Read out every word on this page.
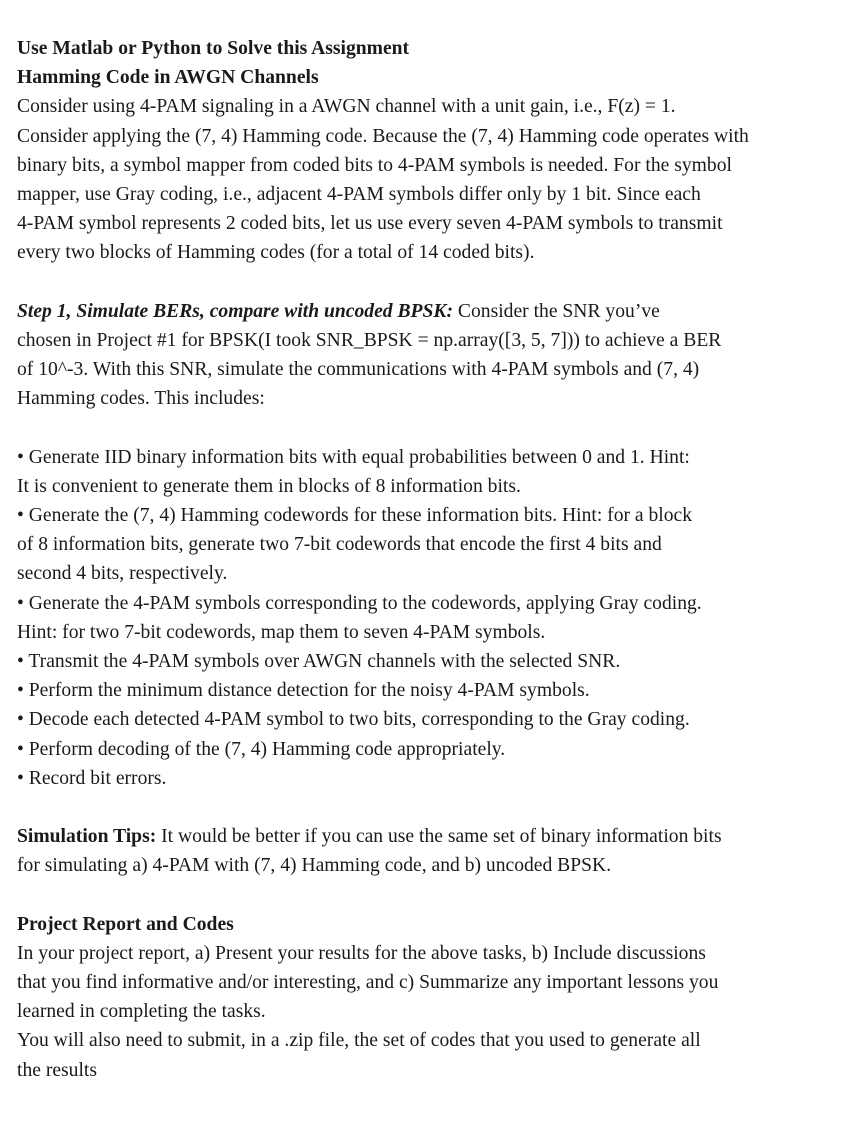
Use Matlab or Python to Solve this Assignment
Hamming Code in AWGN Channels
Consider using 4-PAM signaling in a AWGN channel with a unit gain, i.e., F(z) = 1.
Consider applying the (7, 4) Hamming code. Because the (7, 4) Hamming code operates with
binary bits, a symbol mapper from coded bits to 4-PAM symbols is needed. For the symbol
mapper, use Gray coding, i.e., adjacent 4-PAM symbols differ only by 1 bit. Since each
4-PAM symbol represents 2 coded bits, let us use every seven 4-PAM symbols to transmit
every two blocks of Hamming codes (for a total of 14 coded bits).
Step 1, Simulate BERs, compare with uncoded BPSK: Consider the SNR you’ve
chosen in Project #1 for BPSK(I took SNR_BPSK = np.array([3, 5, 7])) to achieve a BER
of 10^-3. With this SNR, simulate the communications with 4-PAM symbols and (7, 4)
Hamming codes. This includes:
• Generate IID binary information bits with equal probabilities between 0 and 1. Hint:
It is convenient to generate them in blocks of 8 information bits.
• Generate the (7, 4) Hamming codewords for these information bits. Hint: for a block
of 8 information bits, generate two 7-bit codewords that encode the first 4 bits and
second 4 bits, respectively.
• Generate the 4-PAM symbols corresponding to the codewords, applying Gray coding.
Hint: for two 7-bit codewords, map them to seven 4-PAM symbols.
• Transmit the 4-PAM symbols over AWGN channels with the selected SNR.
• Perform the minimum distance detection for the noisy 4-PAM symbols.
• Decode each detected 4-PAM symbol to two bits, corresponding to the Gray coding.
• Perform decoding of the (7, 4) Hamming code appropriately.
• Record bit errors.
Simulation Tips: It would be better if you can use the same set of binary information bits
for simulating a) 4-PAM with (7, 4) Hamming code, and b) uncoded BPSK.
Project Report and Codes
In your project report, a) Present your results for the above tasks, b) Include discussions
that you find informative and/or interesting, and c) Summarize any important lessons you
learned in completing the tasks.
You will also need to submit, in a .zip file, the set of codes that you used to generate all
the results
